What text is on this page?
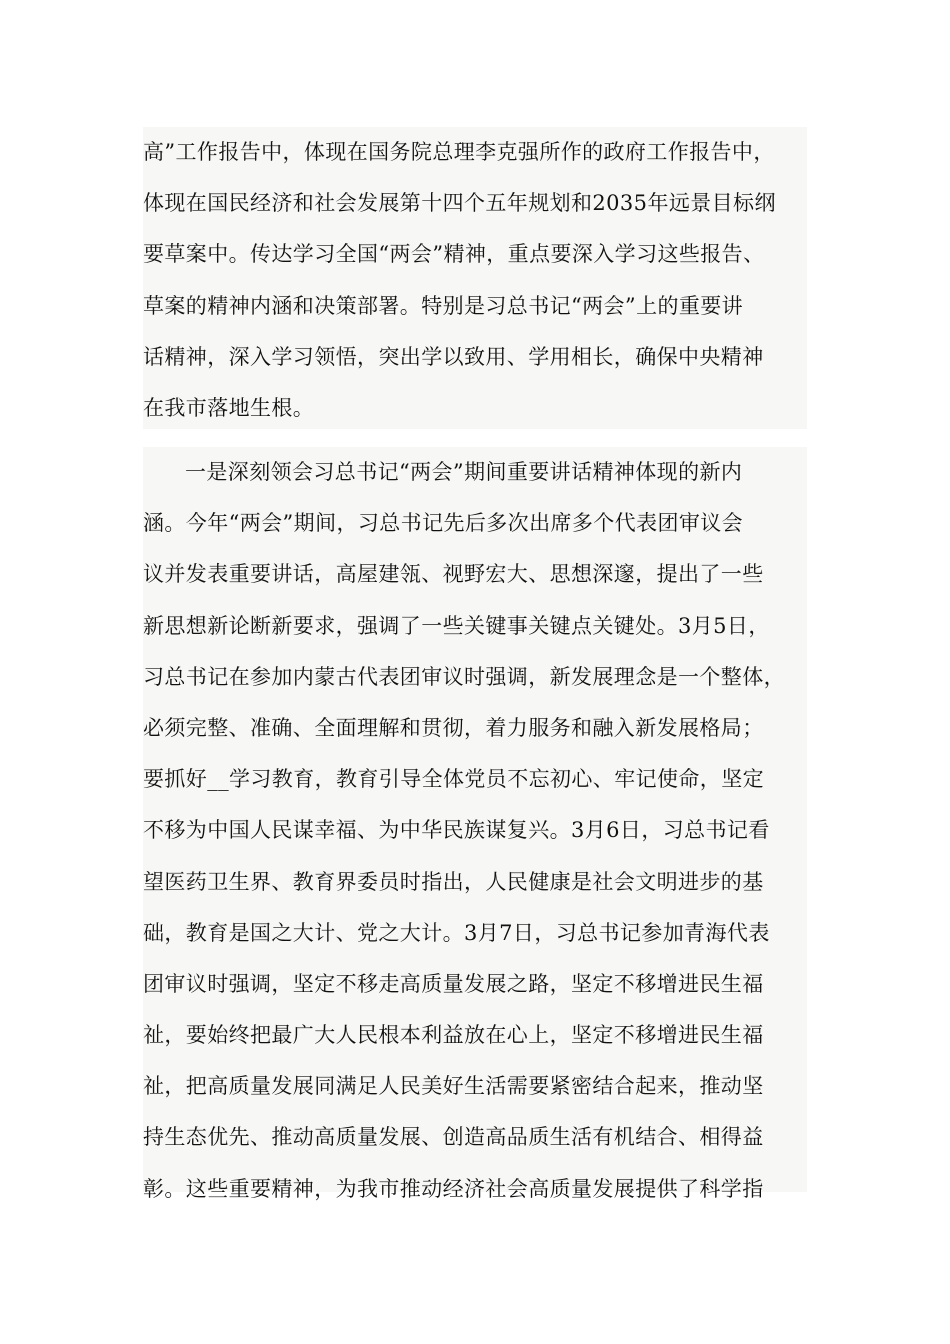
高”工作报告中，体现在国务院总理李克强所作的政府工作报告中，
体现在国民经济和社会发展第十四个五年规划和2035年远景目标纲
要草案中。传达学习全国“两会”精神，重点要深入学习这些报告、
草案的精神内涵和决策部署。特别是习总书记“两会”上的重要讲
话精神，深入学习领悟，突出学以致用、学用相长，确保中央精神
在我市落地生根。
一是深刻领会习总书记“两会”期间重要讲话精神体现的新内
涵。今年“两会”期间，习总书记先后多次出席多个代表团审议会
议并发表重要讲话，高屋建瓴、视野宏大、思想深邃，提出了一些
新思想新论断新要求，强调了一些关键事关键点关键处。3月5日，
习总书记在参加内蒙古代表团审议时强调，新发展理念是一个整体，
必须完整、准确、全面理解和贯彻，着力服务和融入新发展格局；
要抓好__学习教育，教育引导全体党员不忘初心、牢记使命，坚定
不移为中国人民谋幸福、为中华民族谋复兴。3月6日，习总书记看
望医药卫生界、教育界委员时指出，人民健康是社会文明进步的基
础，教育是国之大计、党之大计。3月7日，习总书记参加青海代表
团审议时强调，坚定不移走高质量发展之路，坚定不移增进民生福
祉，要始终把最广大人民根本利益放在心上，坚定不移增进民生福
祉，把高质量发展同满足人民美好生活需要紧密结合起来，推动坚
持生态优先、推动高质量发展、创造高品质生活有机结合、相得益
彰。这些重要精神，为我市推动经济社会高质量发展提供了科学指
